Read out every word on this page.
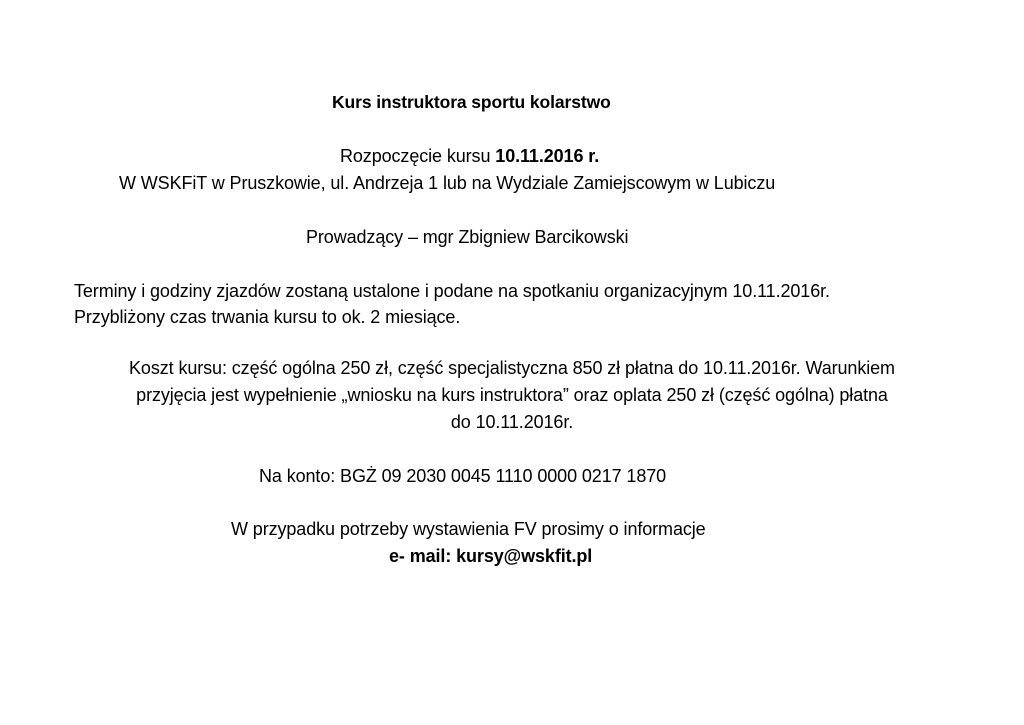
Kurs instruktora sportu kolarstwo
Rozpoczęcie kursu 10.11.2016 r.
W WSKFiT w Pruszkowie, ul. Andrzeja 1 lub na Wydziale Zamiejscowym w Lubiczu
Prowadzący – mgr Zbigniew Barcikowski
Terminy i godziny zjazdów zostaną ustalone i podane na spotkaniu organizacyjnym 10.11.2016r.
Przybliżony czas trwania kursu to ok. 2 miesiące.
Koszt kursu: część ogólna 250 zł, część specjalistyczna 850 zł płatna do 10.11.2016r. Warunkiem
przyjęcia jest wypełnienie „wniosku na kurs instruktora” oraz oplata 250 zł (część ogólna) płatna
do 10.11.2016r.
Na konto: BGŻ 09 2030 0045 1110 0000 0217 1870
W przypadku potrzeby wystawienia FV prosimy o informacje
e- mail: kursy@wskfit.pl
